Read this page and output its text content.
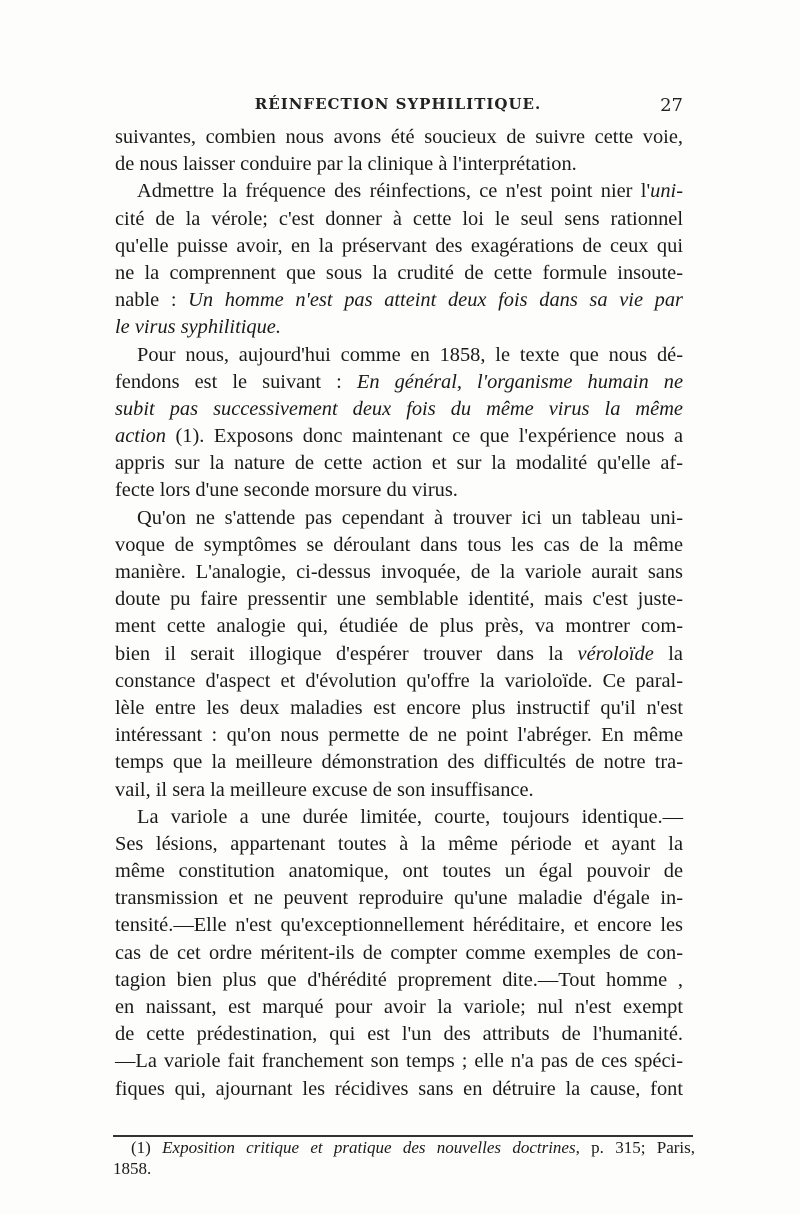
RÉINFECTION SYPHILITIQUE.	27
suivantes, combien nous avons été soucieux de suivre cette voie,
de nous laisser conduire par la clinique à l'interprétation.
Admettre la fréquence des réinfections, ce n'est point nier l'uni-
cité de la vérole; c'est donner à cette loi le seul sens rationnel
qu'elle puisse avoir, en la préservant des exagérations de ceux qui
ne la comprennent que sous la crudité de cette formule insoute-
nable : Un homme n'est pas atteint deux fois dans sa vie par
le virus syphilitique.
Pour nous, aujourd'hui comme en 1858, le texte que nous dé-
fendons est le suivant : En général, l'organisme humain ne
subit pas successivement deux fois du même virus la même
action (1). Exposons donc maintenant ce que l'expérience nous a
appris sur la nature de cette action et sur la modalité qu'elle af-
fecte lors d'une seconde morsure du virus.
Qu'on ne s'attende pas cependant à trouver ici un tableau uni-
voque de symptômes se déroulant dans tous les cas de la même
manière. L'analogie, ci-dessus invoquée, de la variole aurait sans
doute pu faire pressentir une semblable identité, mais c'est juste-
ment cette analogie qui, étudiée de plus près, va montrer com-
bien il serait illogique d'espérer trouver dans la véroloïde la
constance d'aspect et d'évolution qu'offre la varioloïde. Ce paral-
lèle entre les deux maladies est encore plus instructif qu'il n'est
intéressant : qu'on nous permette de ne point l'abréger. En même
temps que la meilleure démonstration des difficultés de notre tra-
vail, il sera la meilleure excuse de son insuffisance.
La variole a une durée limitée, courte, toujours identique.—
Ses lésions, appartenant toutes à la même période et ayant la
même constitution anatomique, ont toutes un égal pouvoir de
transmission et ne peuvent reproduire qu'une maladie d'égale in-
tensité.—Elle n'est qu'exceptionnellement héréditaire, et encore les
cas de cet ordre méritent-ils de compter comme exemples de con-
tagion bien plus que d'hérédité proprement dite.—Tout homme ,
en naissant, est marqué pour avoir la variole; nul n'est exempt
de cette prédestination, qui est l'un des attributs de l'humanité.
—La variole fait franchement son temps ; elle n'a pas de ces spéci-
fiques qui, ajournant les récidives sans en détruire la cause, font
(1) Exposition critique et pratique des nouvelles doctrines, p. 315; Paris,
1858.
